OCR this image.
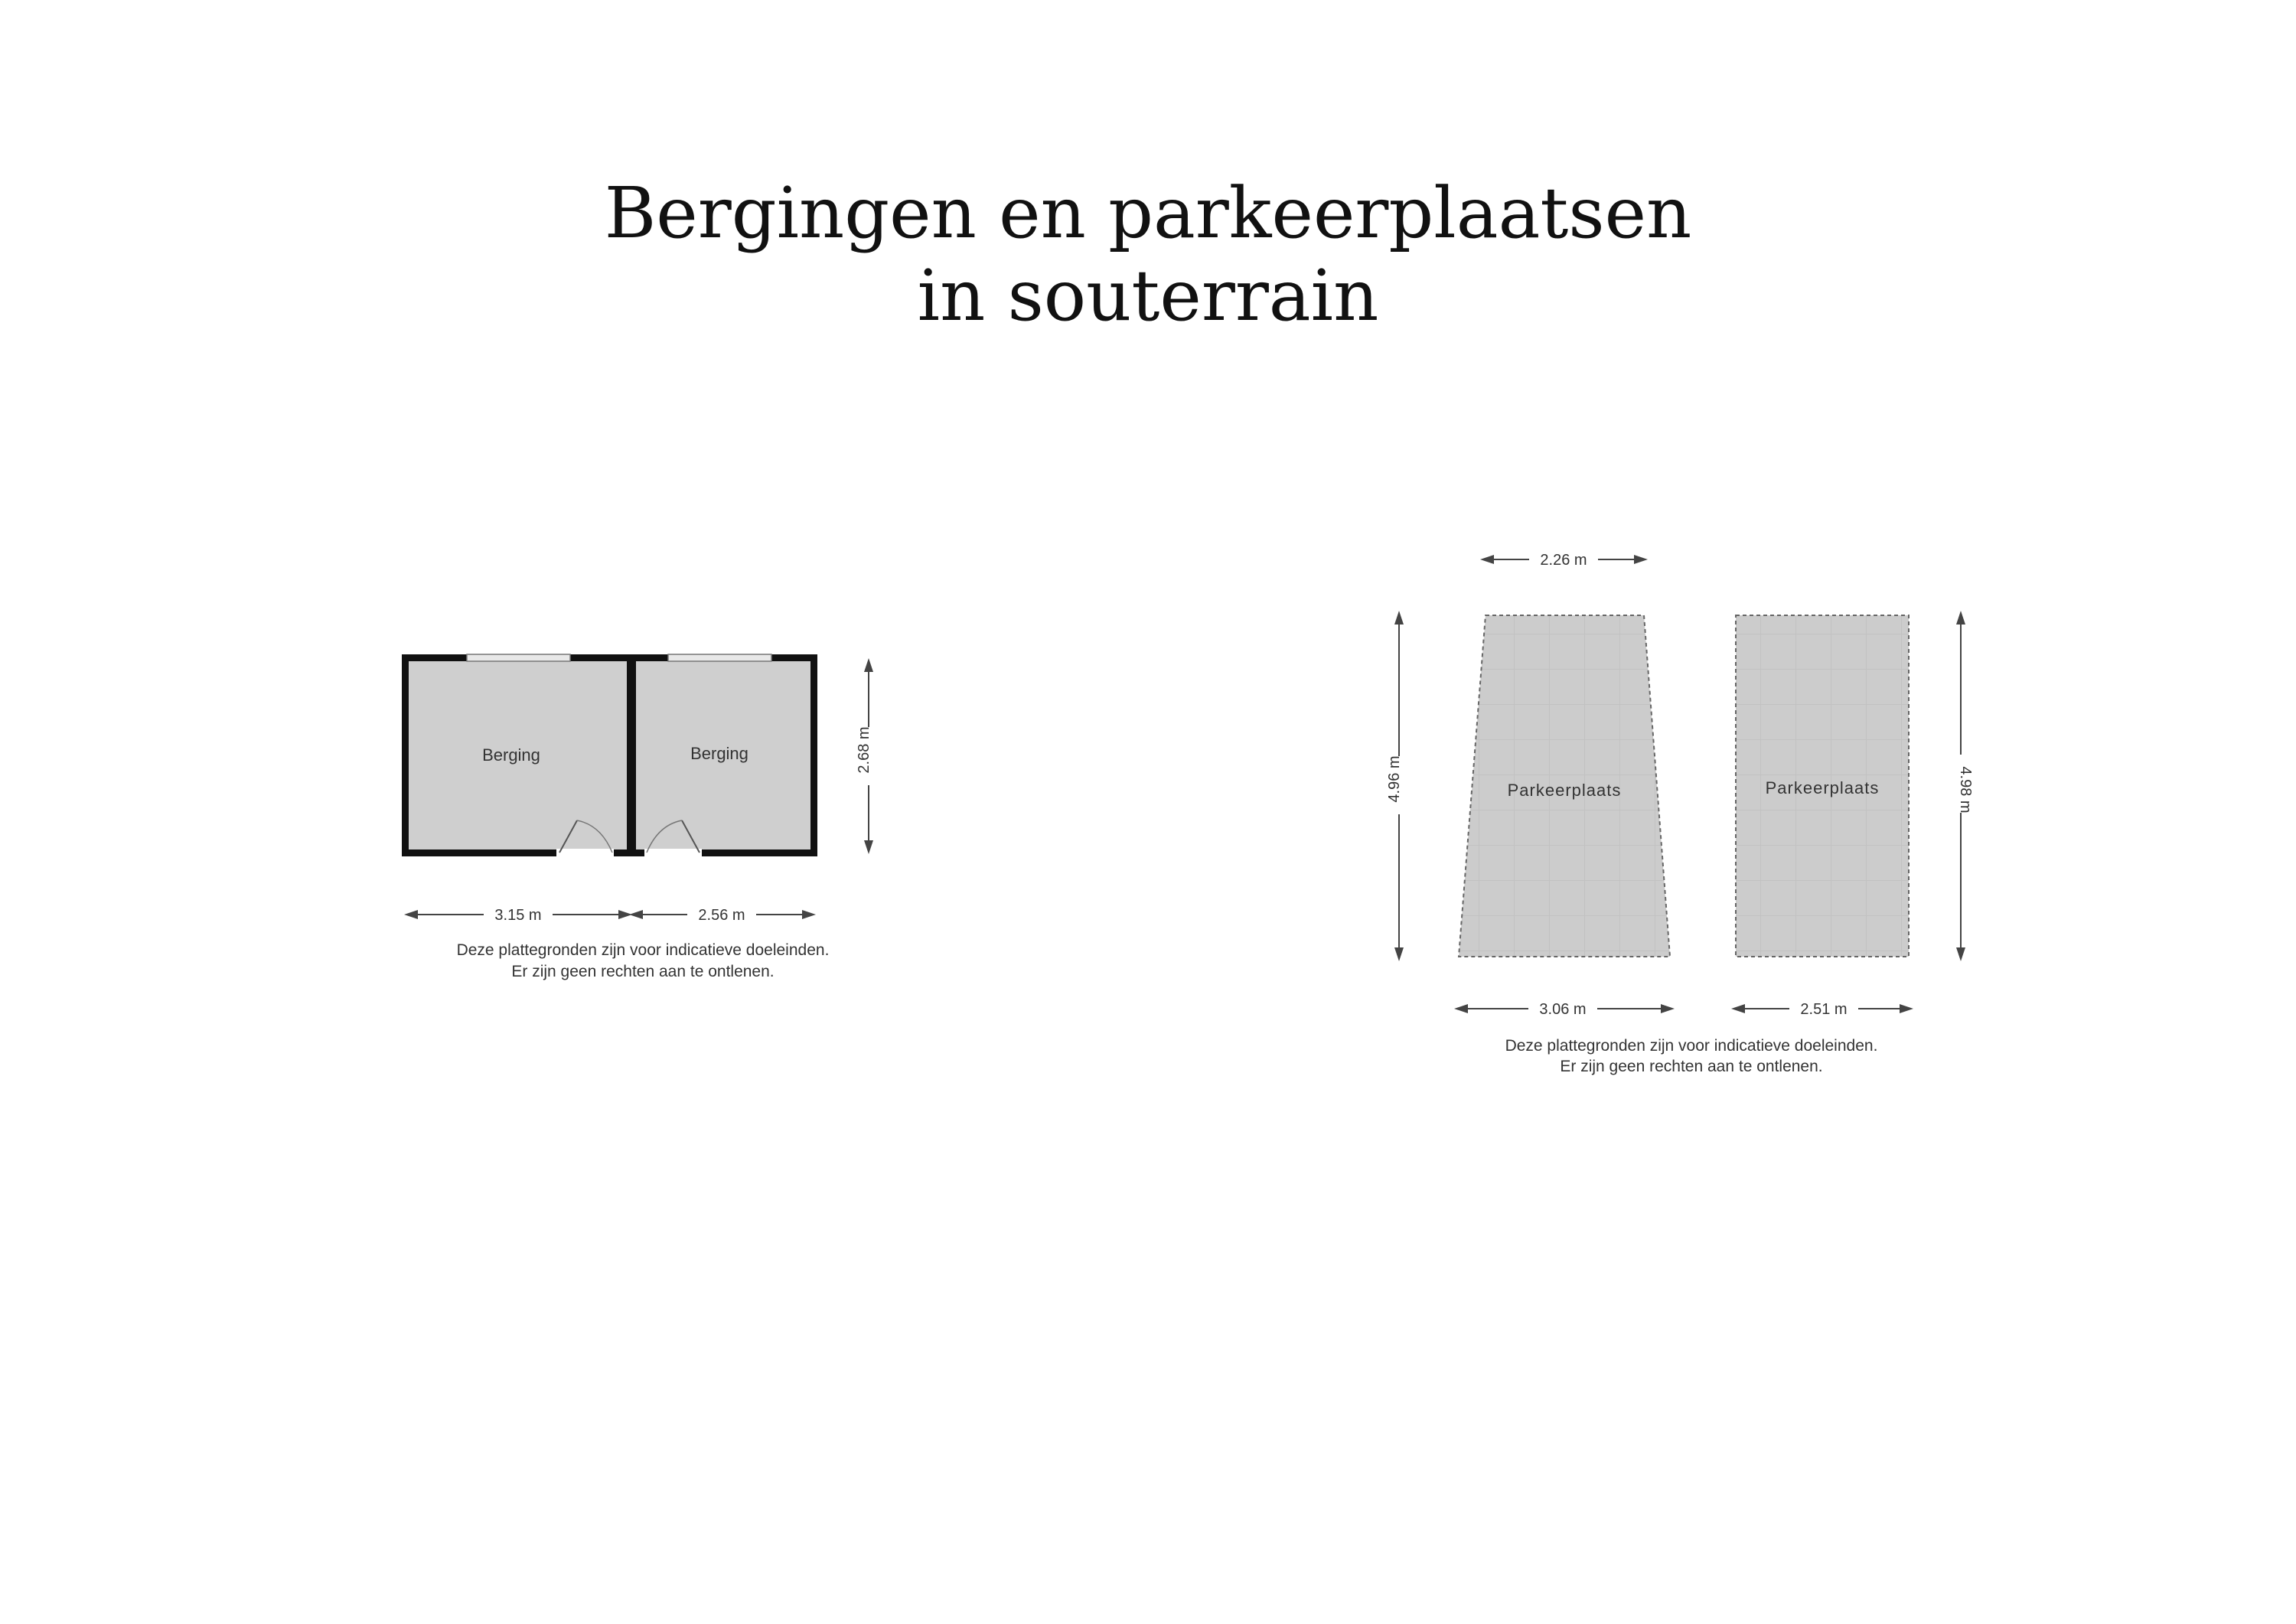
Bergingen en parkeerplaatsen
in souterrain
Berging	Berging	2.68 m
3.15 m	2.56 m
Deze plattegronden zijn voor indicatieve doeleinden.
Er zijn geen rechten aan te ontlenen.
2.26 m
Parkeerplaats	Parkeerplaats
4.96 m	4.98 m
3.06 m	2.51 m
Deze plattegronden zijn voor indicatieve doeleinden.
Er zijn geen rechten aan te ontlenen.
